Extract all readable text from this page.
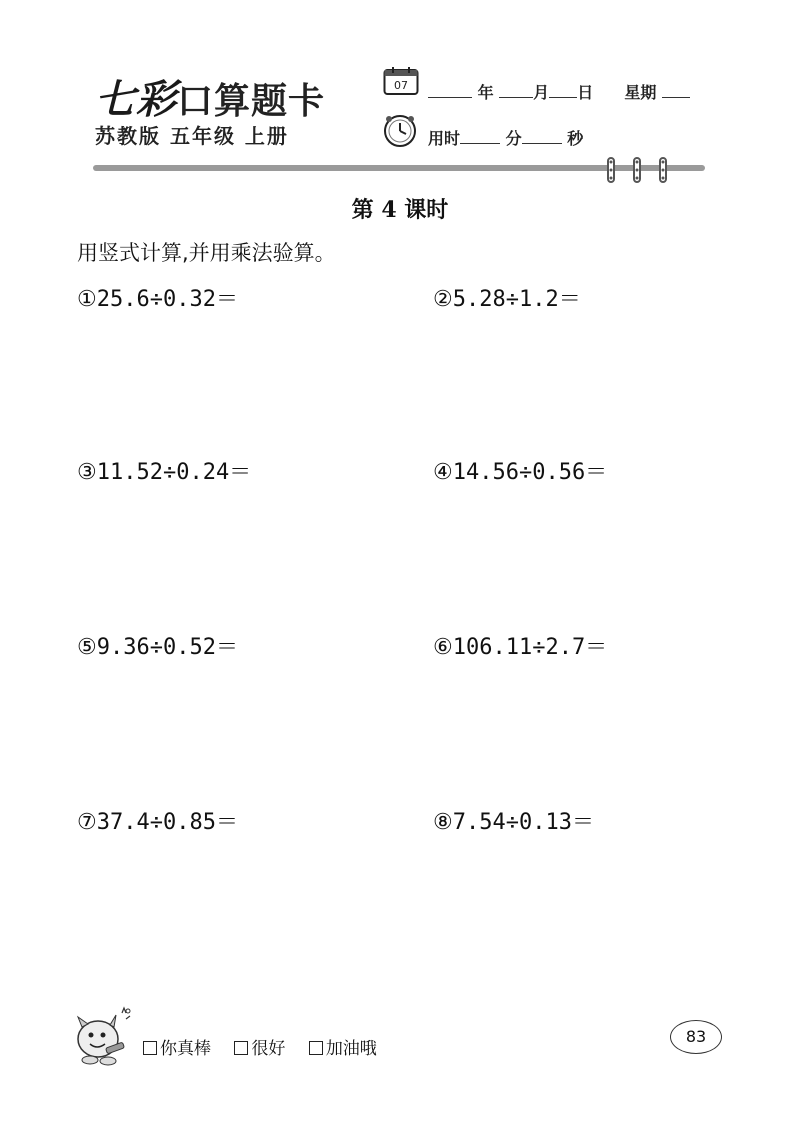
七彩口算题卡
苏教版 五年级 上册
07	年 月 日 星期
用时	分	秒
第 4 课时
用竖式计算,并用乘法验算。
①25.6÷0.32＝	②5.28÷1.2＝
③11.52÷0.24＝	④14.56÷0.56＝
⑤9.36÷0.52＝	⑥106.11÷2.7＝
⑦37.4÷0.85＝	⑧7.54÷0.13＝
你真棒 很好 加油哦
83
